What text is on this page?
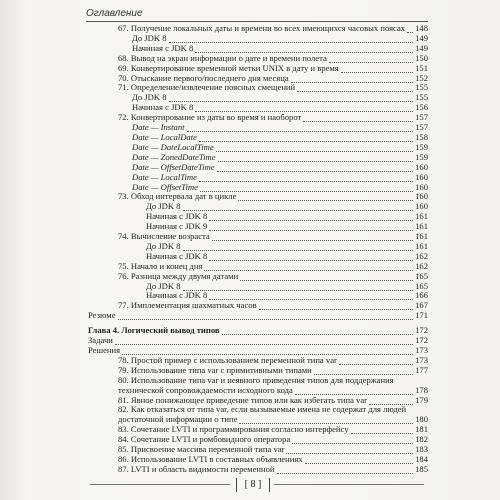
Оглавление
67. Получение локальных даты и времени во всех имеющихся часовых поясах 148
До JDK 8	149
Начиная с JDK 8	149
68. Вывод на экран информации о дате и времени полета	150
69. Конвертирование временной метки UNIX в дату и время	151
70. Отыскание первого/последнего дня месяца	152
71. Определение/извлечение поясных смещений	155
До JDK 8	155
Начиная с JDK 8	156
72. Конвертирование из даты во время и наоборот	157
Date — Instant	157
Date — LocalDate	158
Date — DateLocalTime	159
Date — ZonedDateTime	159
Date — OffsetDateTime	160
Date — LocalTime	160
Date — OffsetTime	160
73. Обход интервала дат в цикле	160
До JDK 8	160
Начиная с JDK 8	161
Начиная с JDK 9	161
74. Вычисление возраста	161
До JDK 8	161
Начиная с JDK 8	162
75. Начало и конец дня	162
76. Разница между двумя датами	165
До JDK 8	165
Начиная с JDK 8	166
77. Имплементация шахматных часов	167
Резюме	171
Глава 4. Логический вывод типов	172
Задачи	172
Решения	173
78. Простой пример с использованием переменной типа var	173
79. Использование типа var с примитивными типами	177
80. Использование типа var и неявного приведения типов для поддержания
технической сопровождаемости исходного кода	178
81. Явное понижающее приведение типов или как избегать типа var	179
82. Как отказаться от типа var, если вызываемые имена не содержат для людей
достаточной информации о типе	180
83. Сочетание LVTI и программирования согласно интерфейсу	181
84. Сочетание LVTI и ромбовидного оператора	182
85. Присвоение массива переменной типа var	183
86. Использование LVTI в составных объявлениях	184
87. LVTI и область видимости переменной	185
[ 8 ]
